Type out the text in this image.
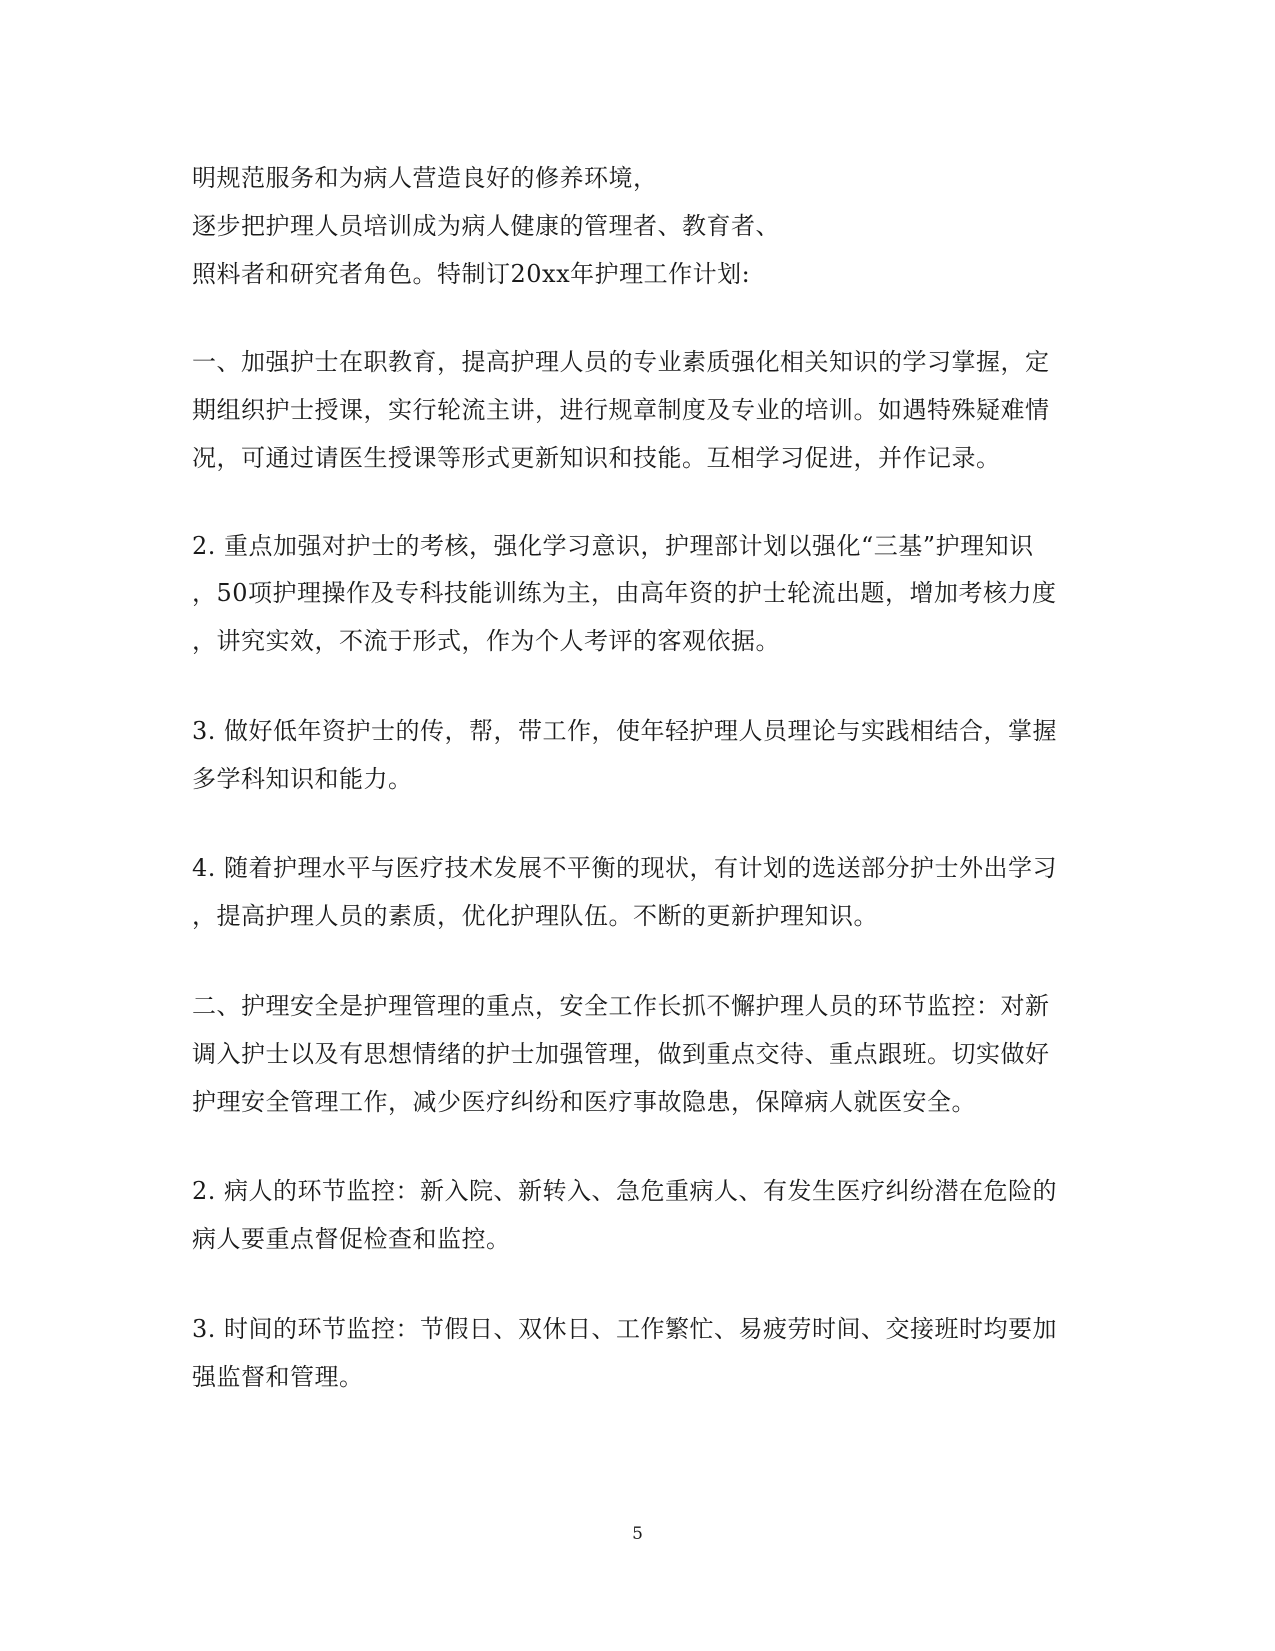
明规范服务和为病人营造良好的修养环境，
逐步把护理人员培训成为病人健康的管理者、教育者、
照料者和研究者角色。特制订20xx年护理工作计划:
一、加强护士在职教育，提高护理人员的专业素质强化相关知识的学习掌握，定
期组织护士授课，实行轮流主讲，进行规章制度及专业的培训。如遇特殊疑难情
况，可通过请医生授课等形式更新知识和技能。互相学习促进，并作记录。
2. 重点加强对护士的考核，强化学习意识，护理部计划以强化“三基”护理知识
，50项护理操作及专科技能训练为主，由高年资的护士轮流出题，增加考核力度
，讲究实效，不流于形式，作为个人考评的客观依据。
3. 做好低年资护士的传，帮，带工作，使年轻护理人员理论与实践相结合，掌握
多学科知识和能力。
4. 随着护理水平与医疗技术发展不平衡的现状，有计划的选送部分护士外出学习
，提高护理人员的素质，优化护理队伍。不断的更新护理知识。
二、护理安全是护理管理的重点，安全工作长抓不懈护理人员的环节监控：对新
调入护士以及有思想情绪的护士加强管理，做到重点交待、重点跟班。切实做好
护理安全管理工作，减少医疗纠纷和医疗事故隐患，保障病人就医安全。
2. 病人的环节监控：新入院、新转入、急危重病人、有发生医疗纠纷潜在危险的
病人要重点督促检查和监控。
3. 时间的环节监控：节假日、双休日、工作繁忙、易疲劳时间、交接班时均要加
强监督和管理。
5
